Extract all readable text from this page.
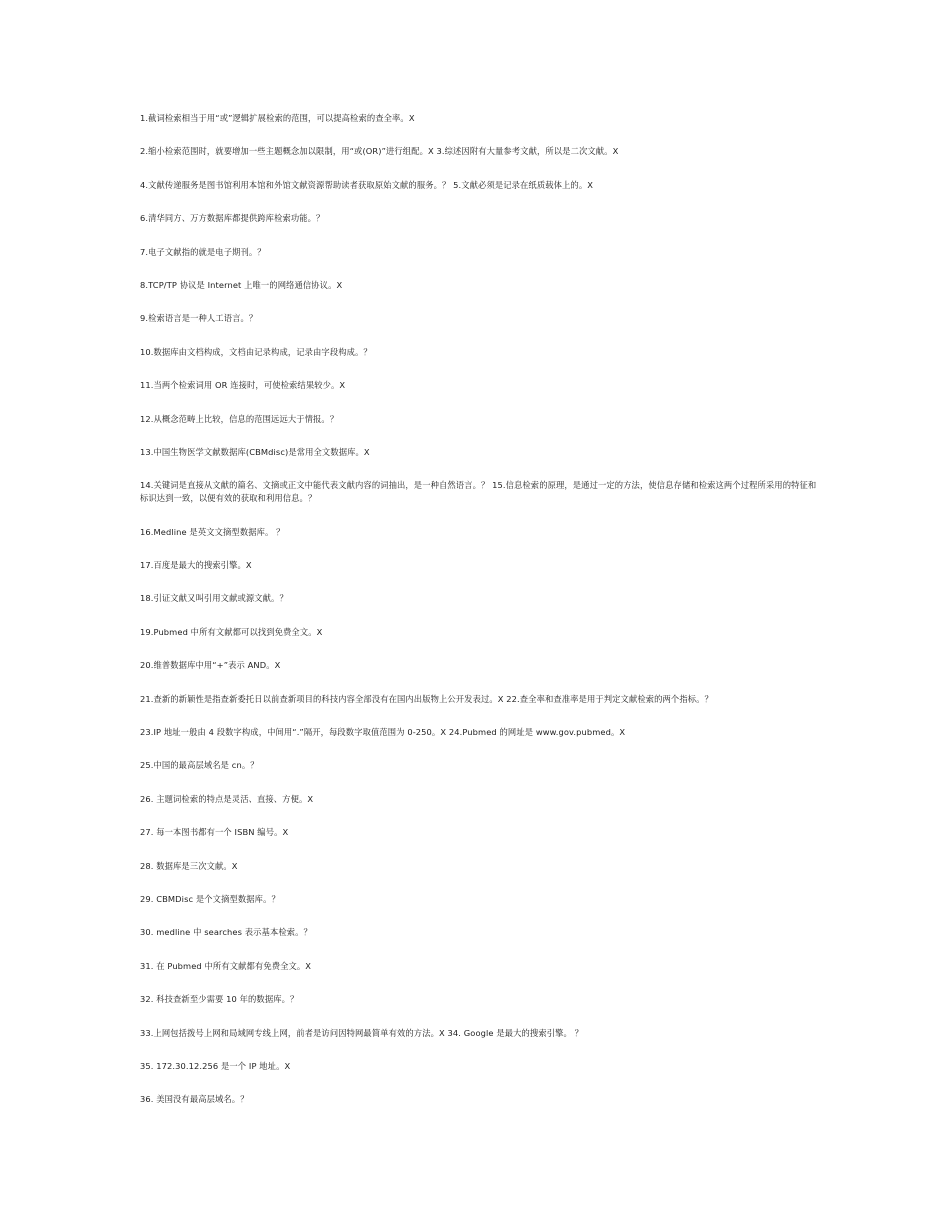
1.截词检索相当于用“或”逻辑扩展检索的范围，可以提高检索的查全率。X

2.缩小检索范围时，就要增加一些主题概念加以限制，用“或(OR)”进行组配。X 3.综述因附有大量参考文献，所以是二次文献。X

4.文献传递服务是图书馆利用本馆和外馆文献资源帮助读者获取原始文献的服务。？ 5.文献必须是记录在纸质载体上的。X

6.清华同方、万方数据库都提供跨库检索功能。？

7.电子文献指的就是电子期刊。？

8.TCP/TP 协议是 Internet 上唯一的网络通信协议。X

9.检索语言是一种人工语言。？

10.数据库由文档构成，文档由记录构成，记录由字段构成。？

11.当两个检索词用 OR 连接时，可使检索结果较少。X

12.从概念范畴上比较，信息的范围远远大于情报。？

13.中国生物医学文献数据库(CBMdisc)是常用全文数据库。X

14.关键词是直接从文献的篇名、文摘或正文中能代表文献内容的词抽出，是一种自然语言。？ 15.信息检索的原理，是通过一定的方法，使信息存储和检索这两个过程所采用的特征和标识达到一致，以便有效的获取和利用信息。？

16.Medline 是英文文摘型数据库。 ？

17.百度是最大的搜索引擎。X

18.引证文献又叫引用文献或源文献。？

19.Pubmed 中所有文献都可以找到免费全文。X

20.维普数据库中用“+”表示 AND。X

21.查新的新颖性是指查新委托日以前查新项目的科技内容全部没有在国内出版物上公开发表过。X 22.查全率和查准率是用于判定文献检索的两个指标。？

23.IP 地址一般由 4 段数字构成，中间用“.”隔开，每段数字取值范围为 0-250。X 24.Pubmed 的网址是 www.gov.pubmed。X

25.中国的最高层域名是 cn。？

26. 主题词检索的特点是灵活、直接、方便。X

27. 每一本图书都有一个 ISBN 编号。X

28. 数据库是三次文献。X

29. CBMDisc 是个文摘型数据库。？

30. medline 中 searches 表示基本检索。？

31. 在 Pubmed 中所有文献都有免费全文。X

32. 科技查新至少需要 10 年的数据库。？

33.上网包括拨号上网和局域网专线上网，前者是访问因特网最简单有效的方法。X 34. Google 是最大的搜索引擎。 ？

35. 172.30.12.256 是一个 IP 地址。X

36. 美国没有最高层域名。？
